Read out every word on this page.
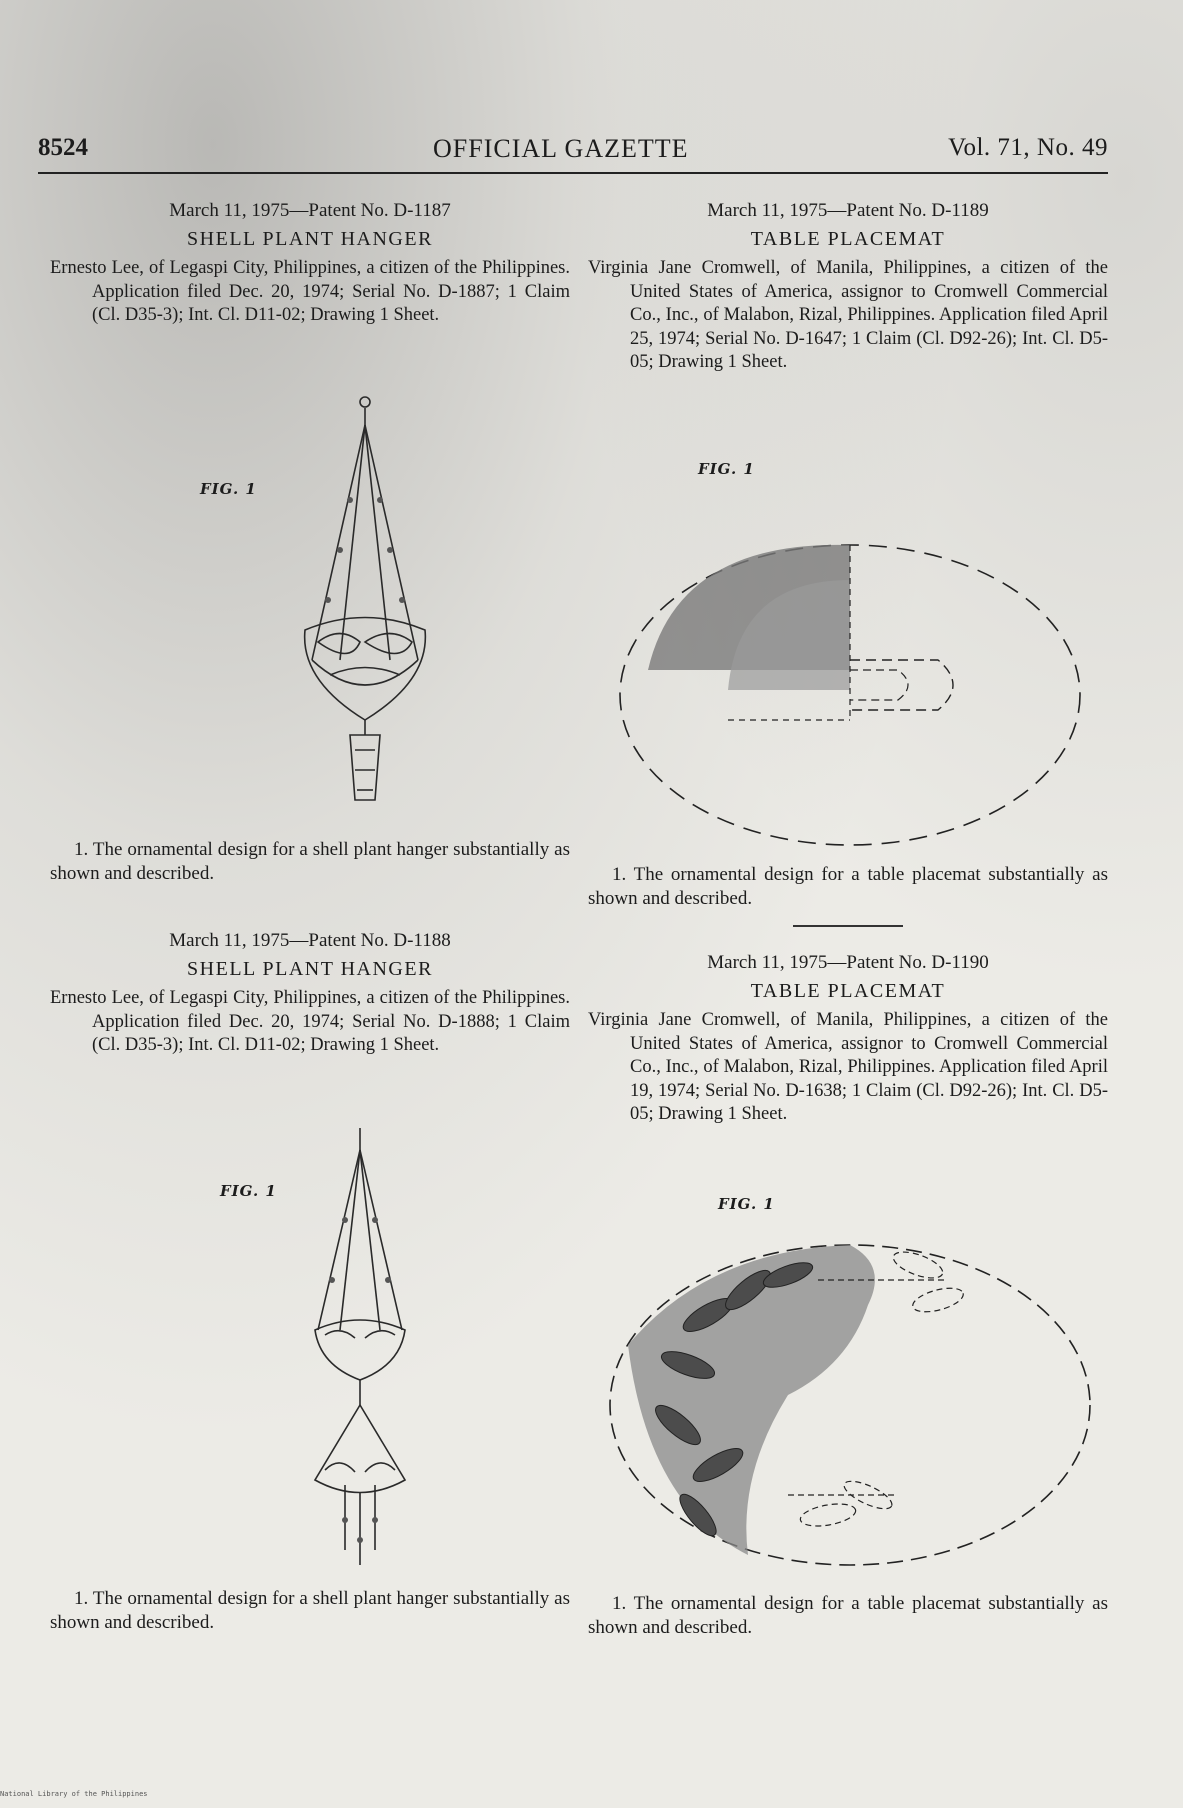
8524	OFFICIAL GAZETTE	Vol. 71, No. 49

March 11, 1975—Patent No. D-1187

SHELL PLANT HANGER

Ernesto Lee, of Legaspi City, Philippines, a citizen of the Philippines. Application filed Dec. 20, 1974; Serial No. D-1887; 1 Claim (Cl. D35-3); Int. Cl. D11-02; Drawing 1 Sheet.

FIG. 1

1. The ornamental design for a shell plant hanger substantially as shown and described.

March 11, 1975—Patent No. D-1188

SHELL PLANT HANGER

Ernesto Lee, of Legaspi City, Philippines, a citizen of the Philippines. Application filed Dec. 20, 1974; Serial No. D-1888; 1 Claim (Cl. D35-3); Int. Cl. D11-02; Drawing 1 Sheet.

FIG. 1

1. The ornamental design for a shell plant hanger substantially as shown and described.

March 11, 1975—Patent No. D-1189

TABLE PLACEMAT

Virginia Jane Cromwell, of Manila, Philippines, a citizen of the United States of America, assignor to Cromwell Commercial Co., Inc., of Malabon, Rizal, Philippines. Application filed April 25, 1974; Serial No. D-1647; 1 Claim (Cl. D92-26); Int. Cl. D5-05; Drawing 1 Sheet.

FIG. 1

1. The ornamental design for a table placemat substantially as shown and described.

March 11, 1975—Patent No. D-1190

TABLE PLACEMAT

Virginia Jane Cromwell, of Manila, Philippines, a citizen of the United States of America, assignor to Cromwell Commercial Co., Inc., of Malabon, Rizal, Philippines. Application filed April 19, 1974; Serial No. D-1638; 1 Claim (Cl. D92-26); Int. Cl. D5-05; Drawing 1 Sheet.

FIG. 1

1. The ornamental design for a table placemat substantially as shown and described.

National Library of the Philippines
